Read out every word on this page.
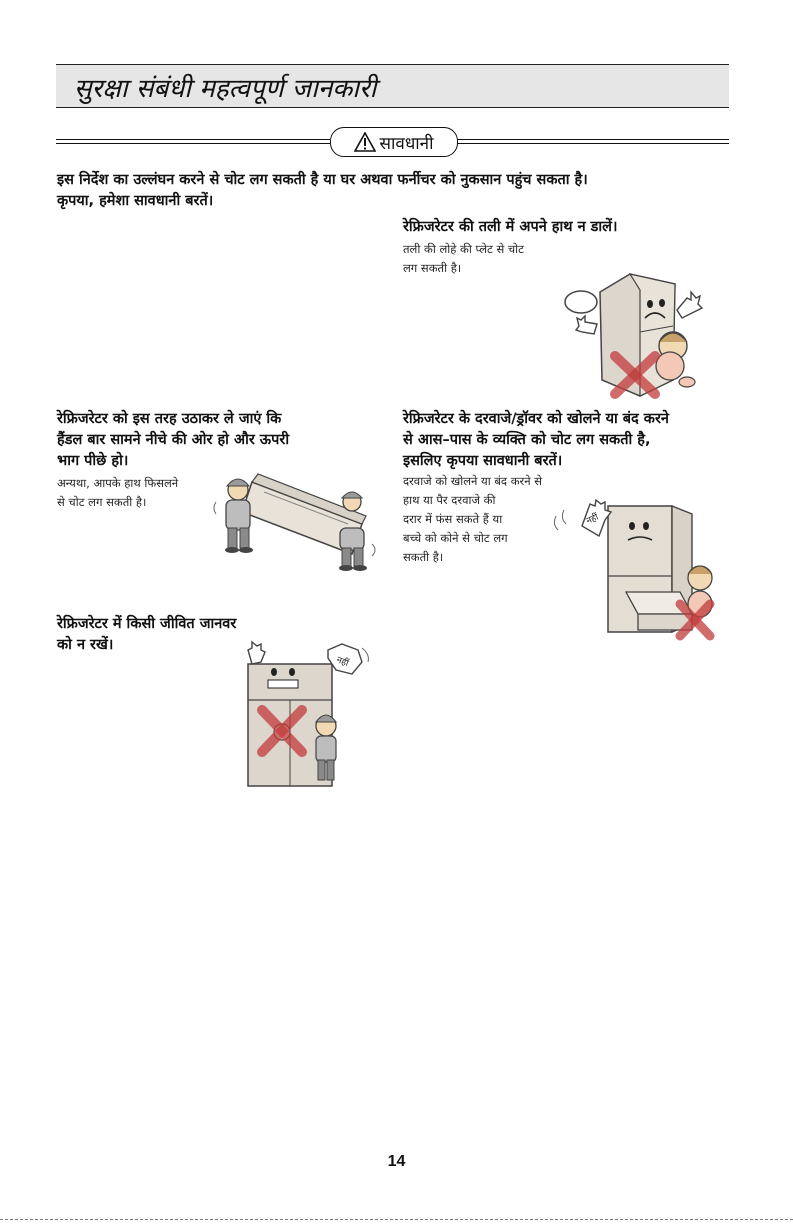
सुरक्षा संबंधी महत्वपूर्ण जानकारी
सावधानी
इस निर्देश का उल्लंघन करने से चोट लग सकती है या घर अथवा फर्नीचर को नुकसान पहुंच सकता है।
कृपया, हमेशा सावधानी बरतें।
रेफ्रिजरेटर की तली में अपने हाथ न डालें।
तली की लोहे की प्लेट से चोट
लग सकती है।
रेफ्रिजरेटर को इस तरह उठाकर ले जाएं कि
हैंडल बार सामने नीचे की ओर हो और ऊपरी
भाग पीछे हो।
अन्यथा, आपके हाथ फिसलने
से चोट लग सकती है।
रेफ्रिजरेटर के दरवाजे/ड्रॉवर को खोलने या बंद करने
से आस–पास के व्यक्ति को चोट लग सकती है,
इसलिए कृपया सावधानी बरतें।
दरवाजे को खोलने या बंद करने से
हाथ या पैर दरवाजे की
दरार में फंस सकते हैं या
बच्चे को कोने से चोट लग
सकती है।
नहीं
रेफ्रिजरेटर में किसी जीवित जानवर
को न रखें।
नहीं
14
